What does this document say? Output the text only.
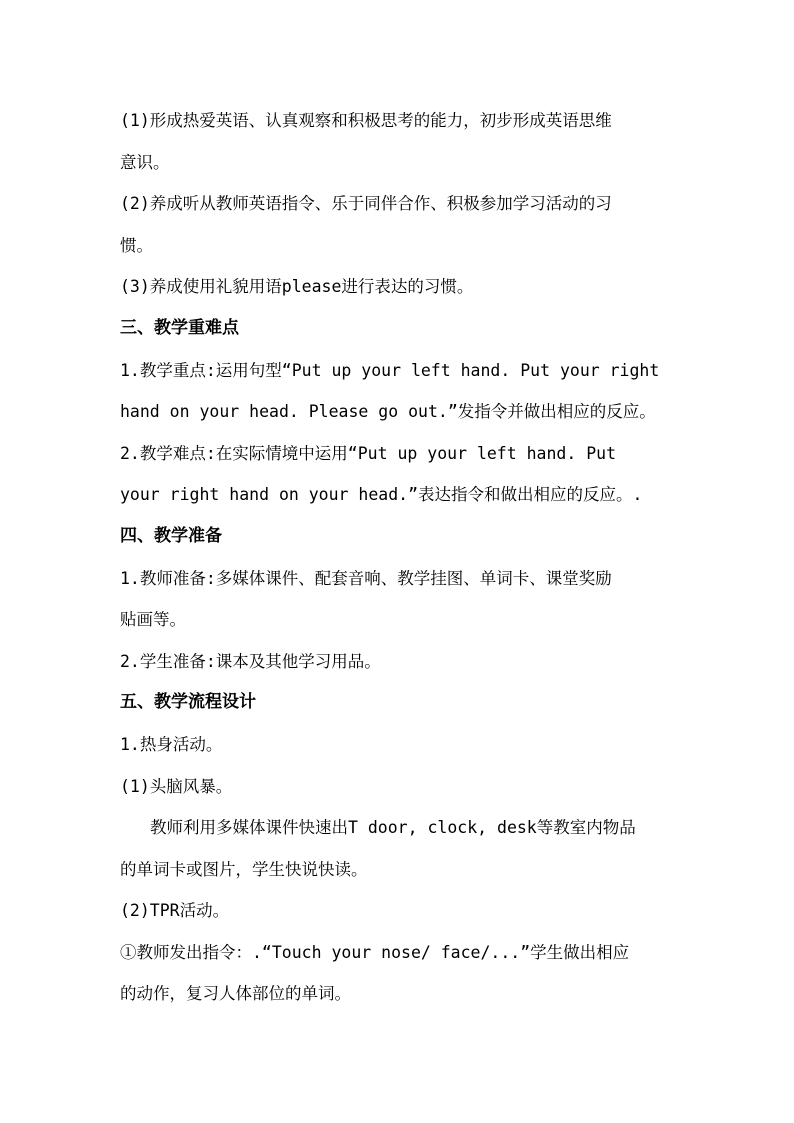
(1)形成热爱英语、认真观察和积极思考的能力，初步形成英语思维
意识。
(2)养成听从教师英语指令、乐于同伴合作、积极参加学习活动的习
惯。
(3)养成使用礼貌用语please进行表达的习惯。
三、教学重难点
1.教学重点:运用句型“Put up your left hand. Put your right
hand on your head. Please go out.”发指令并做出相应的反应。
2.教学难点:在实际情境中运用“Put up your left hand. Put
your right hand on your head.”表达指令和做出相应的反应。.
四、教学准备
1.教师准备:多媒体课件、配套音响、教学挂图、单词卡、课堂奖励
贴画等。
2.学生准备:课本及其他学习用品。
五、教学流程设计
1.热身活动。
(1)头脑风暴。
教师利用多媒体课件快速出T door, clock, desk等教室内物品
的单词卡或图片，学生快说快读。
(2)TPR活动。
①教师发出指令：.“Touch your nose/ face/...”学生做出相应
的动作，复习人体部位的单词。
